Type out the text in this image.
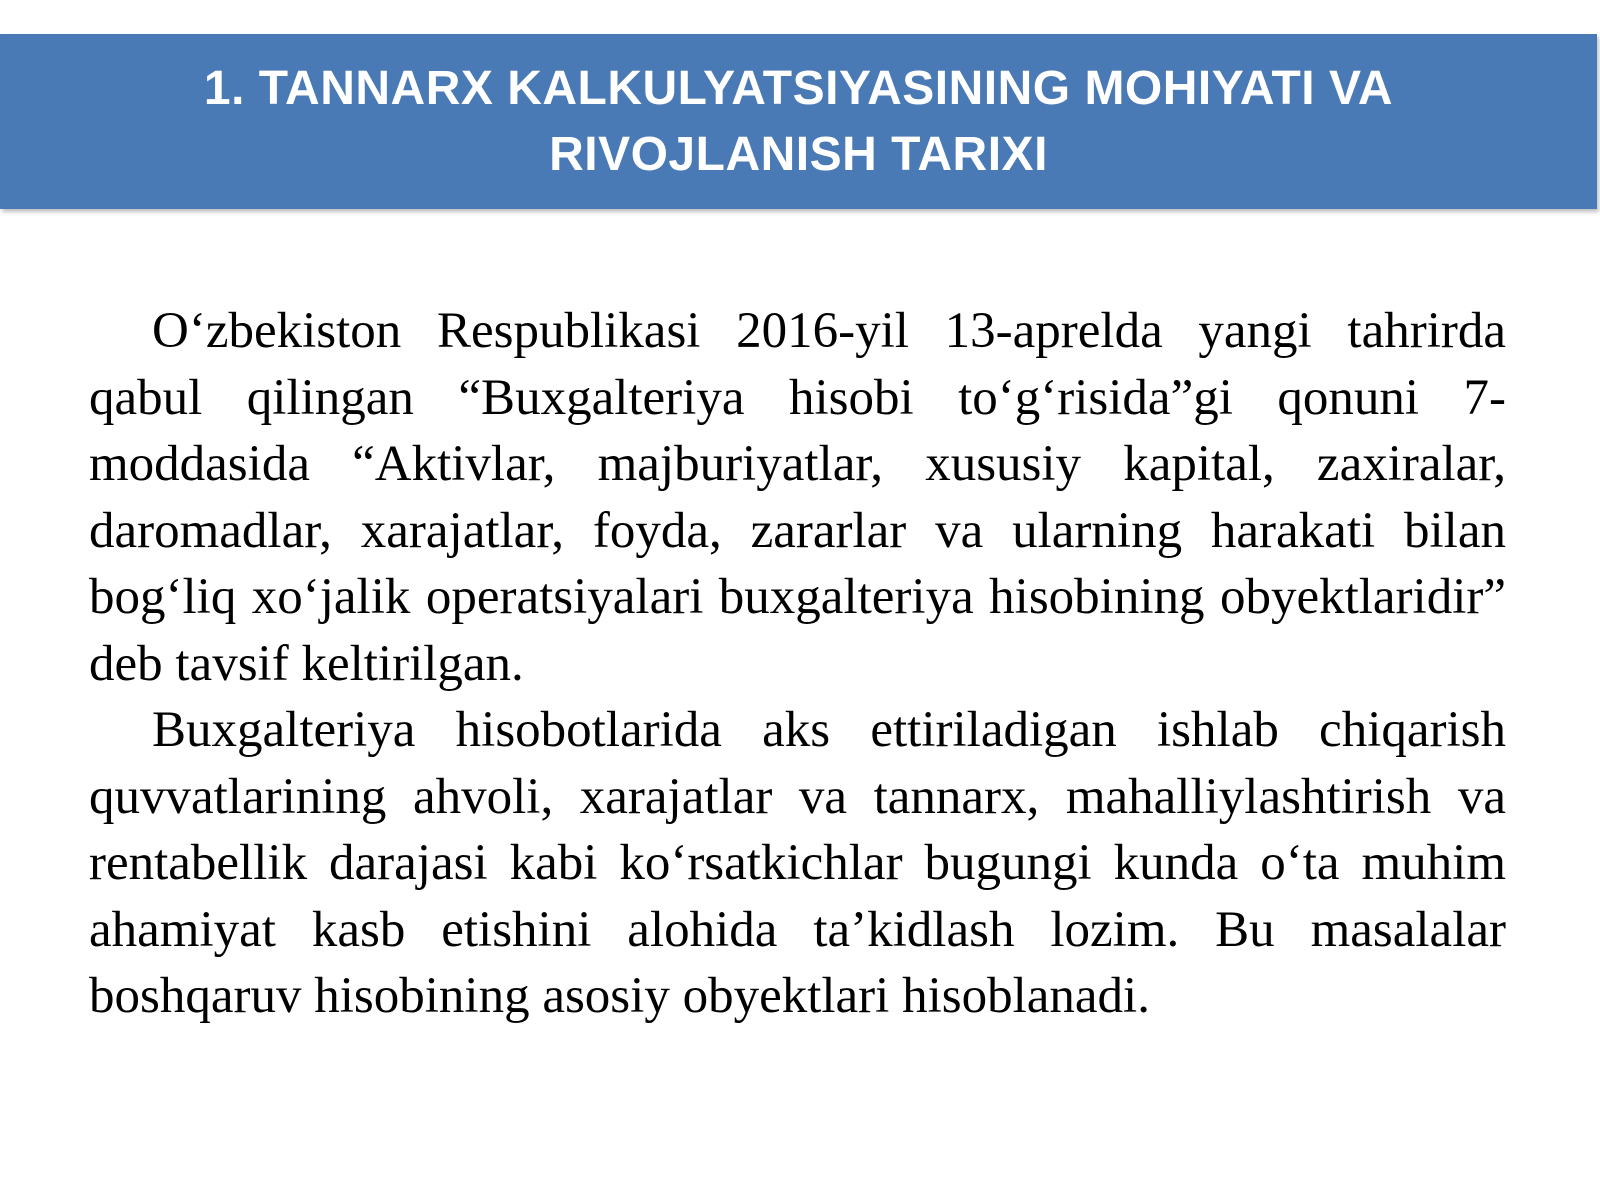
1. TANNARX KALKULYATSIYASINING MOHIYATI VA
RIVOJLANISH TARIXI

O‘zbekiston Respublikasi 2016-yil 13-aprelda yangi tahrirda qabul qilingan “Buxgalteriya hisobi to‘g‘risida”gi qonuni 7-moddasida “Aktivlar, majburiyatlar, xususiy kapital, zaxiralar, daromadlar, xarajatlar, foyda, zararlar va ularning harakati bilan bog‘liq xo‘jalik operatsiyalari buxgalteriya hisobining obyektlaridir” deb tavsif keltirilgan.

Buxgalteriya hisobotlarida aks ettiriladigan ishlab chiqarish quvvatlarining ahvoli, xarajatlar va tannarx, mahalliylashtirish va rentabellik darajasi kabi ko‘rsatkichlar bugungi kunda o‘ta muhim ahamiyat kasb etishini alohida ta’kidlash lozim. Bu masalalar boshqaruv hisobining asosiy obyektlari hisoblanadi.
